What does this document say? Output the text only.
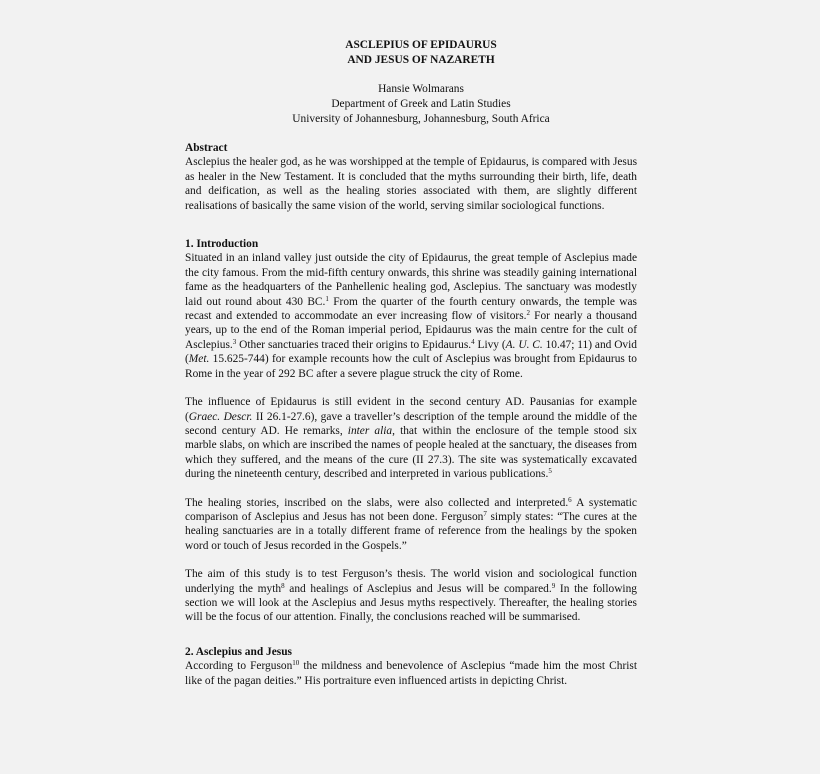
ASCLEPIUS OF EPIDAURUS
AND JESUS OF NAZARETH
Hansie Wolmarans
Department of Greek and Latin Studies
University of Johannesburg, Johannesburg, South Africa
Abstract

Asclepius the healer god, as he was worshipped at the temple of Epidaurus, is compared with Jesus as healer in the New Testament. It is concluded that the myths surrounding their birth, life, death and deification, as well as the healing stories associated with them, are slightly different realisations of basically the same vision of the world, serving similar sociological functions.

1. Introduction

Situated in an inland valley just outside the city of Epidaurus, the great temple of Asclepius made the city famous. From the mid-fifth century onwards, this shrine was steadily gaining international fame as the headquarters of the Panhellenic healing god, Asclepius. The sanctuary was modestly laid out round about 430 BC.$^1$ From the quarter of the fourth century onwards, the temple was recast and extended to accommodate an ever increasing flow of visitors.$^2$ For nearly a thousand years, up to the end of the Roman imperial period, Epidaurus was the main centre for the cult of Asclepius.$^3$ Other sanctuaries traced their origins to Epidaurus.$^4$ Livy (A. U. C. 10.47; 11) and Ovid (Met. 15.625-744) for example recounts how the cult of Asclepius was brought from Epidaurus to Rome in the year of 292 BC after a severe plague struck the city of Rome.

The influence of Epidaurus is still evident in the second century AD. Pausanias for example (Graec. Descr. II 26.1-27.6), gave a traveller’s description of the temple around the middle of the second century AD. He remarks, inter alia, that within the enclosure of the temple stood six marble slabs, on which are inscribed the names of people healed at the sanctuary, the diseases from which they suffered, and the means of the cure (II 27.3). The site was systematically excavated during the nineteenth century, described and interpreted in various publications.$^5$

The healing stories, inscribed on the slabs, were also collected and interpreted.$^6$ A systematic comparison of Asclepius and Jesus has not been done. Ferguson$^7$ simply states: “The cures at the healing sanctuaries are in a totally different frame of reference from the healings by the spoken word or touch of Jesus recorded in the Gospels.”

The aim of this study is to test Ferguson’s thesis. The world vision and sociological function underlying the myth$^8$ and healings of Asclepius and Jesus will be compared.$^9$ In the following section we will look at the Asclepius and Jesus myths respectively. Thereafter, the healing stories will be the focus of our attention. Finally, the conclusions reached will be summarised.

2. Asclepius and Jesus

According to Ferguson$^{10}$ the mildness and benevolence of Asclepius “made him the most Christ like of the pagan deities.” His portraiture even influenced artists in depicting Christ.
